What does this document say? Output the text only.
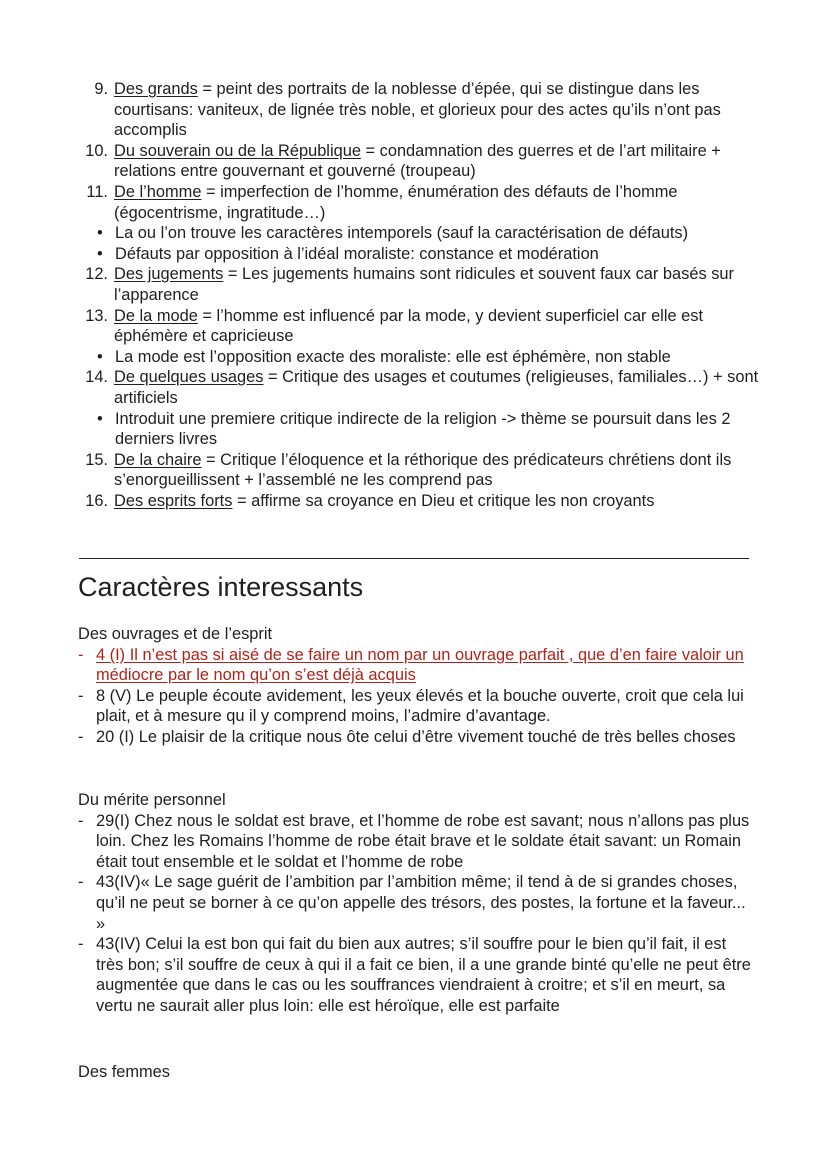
9. Des grands = peint des portraits de la noblesse d’épée, qui se distingue dans les courtisans: vaniteux, de lignée très noble, et glorieux pour des actes qu’ils n’ont pas accomplis
10. Du souverain ou de la République = condamnation des guerres et de l’art militaire + relations entre gouvernant et gouverné (troupeau)
11. De l’homme = imperfection de l’homme, énumération des défauts de l’homme (égocentrisme, ingratitude…)
• La ou l’on trouve les caractères intemporels (sauf la caractérisation de défauts)
• Défauts par opposition à l’idéal moraliste: constance et modération
12. Des jugements = Les jugements humains sont ridicules et souvent faux car basés sur l’apparence
13. De la mode = l’homme est influencé par la mode, y devient superficiel car elle est éphémère et capricieuse
• La mode est l’opposition exacte des moraliste: elle est éphémère, non stable
14. De quelques usages = Critique des usages et coutumes (religieuses, familiales…) + sont artificiels
• Introduit une premiere critique indirecte de la religion -> thème se poursuit dans les 2 derniers livres
15. De la chaire = Critique l’éloquence et la réthorique des prédicateurs chrétiens dont ils s’enorgueillissent + l’assemblé ne les comprend pas
16. Des esprits forts = affirme sa croyance en Dieu et critique les non croyants
Caractères interessants

Des ouvrages et de l’esprit

- 4 (I) Il n’est pas si aisé de se faire un nom par un ouvrage parfait , que d’en faire valoir un médiocre par le nom qu’on s’est déjà acquis
- 8 (V) Le peuple écoute avidement, les yeux élevés et la bouche ouverte, croit que cela lui plait, et à mesure qu il y comprend moins, l’admire d’avantage.
- 20 (I) Le plaisir de la critique nous ôte celui d’être vivement touché de très belles choses

Du mérite personnel

- 29(I) Chez nous le soldat est brave, et l’homme de robe est savant; nous n’allons pas plus loin. Chez les Romains l’homme de robe était brave et le soldate était savant: un Romain était tout ensemble et le soldat et l’homme de robe
- 43(IV)« Le sage guérit de l’ambition par l’ambition même; il tend à de si grandes choses, qu’il ne peut se borner à ce qu’on appelle des trésors, des postes, la fortune et la faveur... »
- 43(IV) Celui la est bon qui fait du bien aux autres; s’il souffre pour le bien qu’il fait, il est très bon; s’il souffre de ceux à qui il a fait ce bien, il a une grande binté qu’elle ne peut être augmentée que dans le cas ou les souffrances viendraient à croitre; et s’il en meurt, sa vertu ne saurait aller plus loin: elle est héroïque, elle est parfaite

Des femmes
